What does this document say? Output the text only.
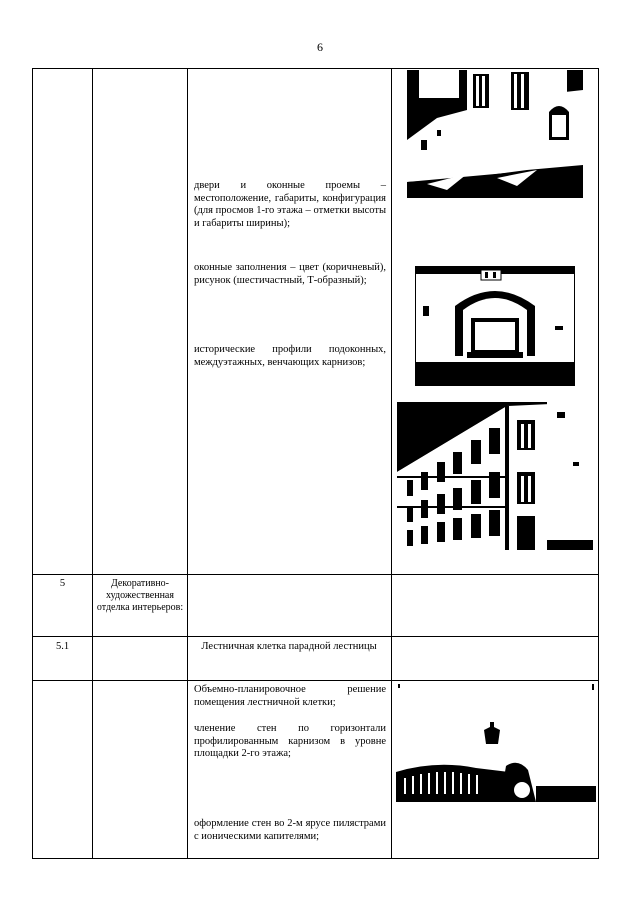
6
двери и оконные проемы – местоположение, габариты, конфигурация (для просмов 1-го этажа – отметки высоты и габариты ширины);
оконные заполнения – цвет (коричневый), рисунок (шестичастный, Т-образный);
исторические профили подоконных, междуэтажных, венчающих карнизов;
5	Декоративно-художественная отделка интерьеров:
5.1	Лестничная клетка парадной лестницы
Объемно-планировочное решение помещения лестничной клетки;
членение стен по горизонтали профилированным карнизом в уровне площадки 2-го этажа;
оформление стен во 2-м ярусе пилястрами с ионическими капителями;
